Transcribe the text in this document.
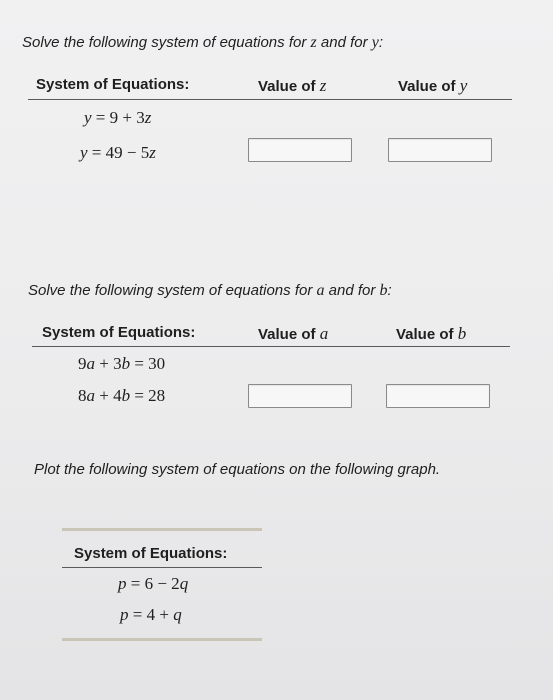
Solve the following system of equations for z and for y:
System of Equations:	Value of z	Value of y
y = 9 + 3z
y = 49 − 5z
Solve the following system of equations for a and for b:
System of Equations:	Value of a	Value of b
9a + 3b = 30
8a + 4b = 28
Plot the following system of equations on the following graph.
System of Equations:
p = 6 − 2q
p = 4 + q
